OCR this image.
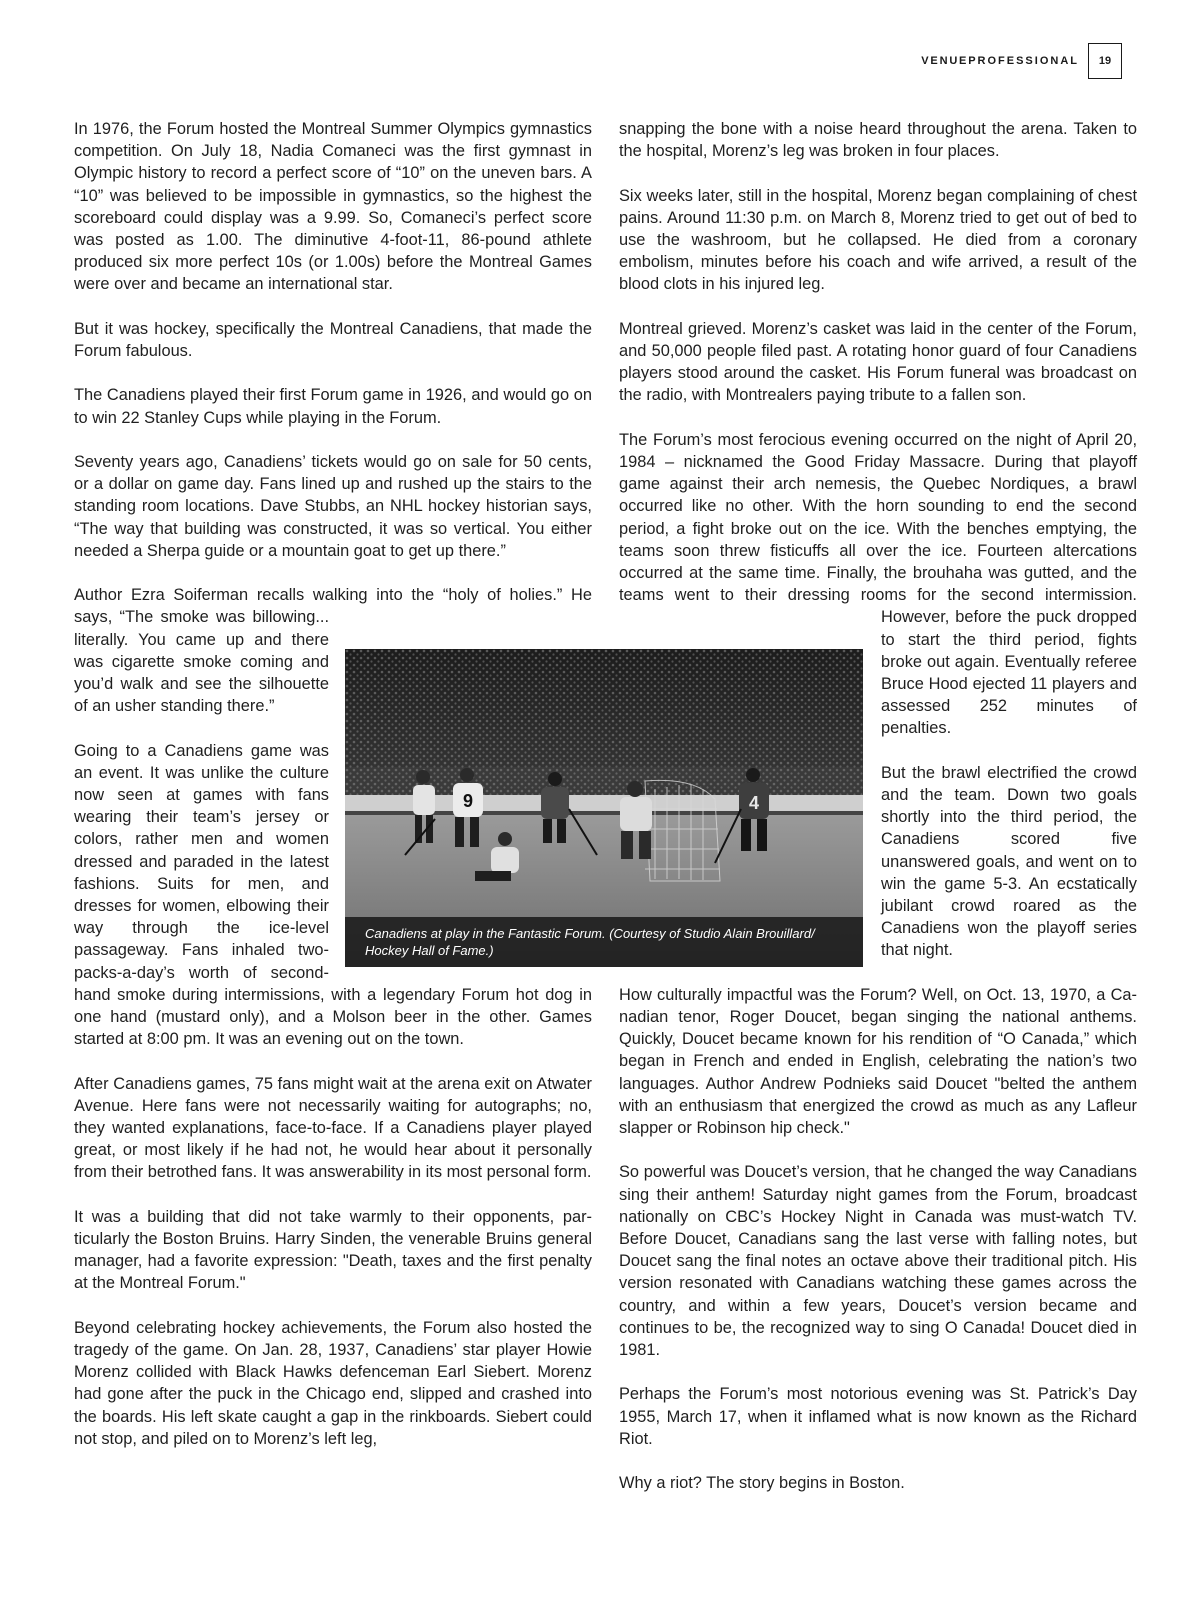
VENUEPROFESSIONAL	19

In 1976, the Forum hosted the Montreal Summer Olympics gymnastics competition. On July 18, Nadia Comaneci was the first gymnast in Olympic history to record a perfect score of “10” on the uneven bars. A “10” was believed to be impossible in gymnastics, so the highest the scoreboard could display was a 9.99. So, Comaneci’s perfect score was posted as 1.00. The diminutive 4-foot-11, 86-pound athlete produced six more perfect 10s (or 1.00s) before the Montreal Games were over and became an international star.

But it was hockey, specifically the Montreal Canadiens, that made the Forum fabulous.

The Canadiens played their first Forum game in 1926, and would go on to win 22 Stanley Cups while playing in the Forum.

Seventy years ago, Canadiens’ tickets would go on sale for 50 cents, or a dollar on game day. Fans lined up and rushed up the stairs to the standing room locations. Dave Stubbs, an NHL hockey historian says, “The way that building was constructed, it was so vertical. You either needed a Sherpa guide or a mountain goat to get up there.”

Author Ezra Soiferman recalls walking into the “holy of holies.” He says, “The smoke was billowing... literally. You came up and there was cigarette smoke coming and you’d walk and see the silhouette of an usher standing there.”

Going to a Canadiens game was an event. It was unlike the culture now seen at games with fans wearing their team’s jersey or colors, rather men and women dressed and paraded in the latest fashions. Suits for men, and dresses for women, elbowing their way through the ice-level passageway. Fans inhaled two-packs-a-day’s worth of second-hand smoke during intermissions, with a legendary Forum hot dog in one hand (mustard only), and a Molson beer in the other. Games started at 8:00 pm. It was an evening out on the town.

After Canadiens games, 75 fans might wait at the arena exit on Atwater Avenue. Here fans were not necessarily waiting for autographs; no, they wanted explanations, face-to-face. If a Canadiens player played great, or most likely if he had not, he would hear about it personally from their betrothed fans. It was answerability in its most personal form.

It was a building that did not take warmly to their opponents, particularly the Boston Bruins. Harry Sinden, the venerable Bruins general manager, had a favorite expression: "Death, taxes and the first penalty at the Montreal Forum."

Beyond celebrating hockey achievements, the Forum also hosted the tragedy of the game. On Jan. 28, 1937, Canadiens’ star player Howie Morenz collided with Black Hawks defenceman Earl Siebert. Morenz had gone after the puck in the Chicago end, slipped and crashed into the boards. His left skate caught a gap in the rinkboards. Siebert could not stop, and piled on to Morenz’s left leg,

snapping the bone with a noise heard throughout the arena. Taken to the hospital, Morenz’s leg was broken in four places.

Six weeks later, still in the hospital, Morenz began complaining of chest pains. Around 11:30 p.m. on March 8, Morenz tried to get out of bed to use the washroom, but he collapsed. He died from a coronary embolism, minutes before his coach and wife arrived, a result of the blood clots in his injured leg.

Montreal grieved. Morenz’s casket was laid in the center of the Forum, and 50,000 people filed past. A rotating honor guard of four Canadiens players stood around the casket. His Forum funeral was broadcast on the radio, with Montrealers paying tribute to a fallen son.

The Forum’s most ferocious evening occurred on the night of April 20, 1984 – nicknamed the Good Friday Massacre. During that playoff game against their arch nemesis, the Quebec Nordiques, a brawl occurred like no other. With the horn sounding to end the second period, a fight broke out on the ice. With the benches emptying, the teams soon threw fisticuffs all over the ice. Fourteen altercations occurred at the same time. Finally, the brouhaha was gutted, and the teams went to their dressing rooms for the second intermission. However, before the puck dropped to start the third period, fights broke out again. Eventually referee Bruce Hood ejected 11 players and assessed 252 minutes of penalties.

But the brawl electrified the crowd and the team. Down two goals shortly into the third period, the Canadiens scored five unanswered goals, and went on to win the game 5-3. An ecstatically jubilant crowd roared as the Canadiens won the playoff series that night.

How culturally impactful was the Forum? Well, on Oct. 13, 1970, a Canadian tenor, Roger Doucet, began singing the national anthems. Quickly, Doucet became known for his rendition of “O Canada,” which began in French and ended in English, celebrating the nation’s two languages. Author Andrew Podnieks said Doucet "belted the anthem with an enthusiasm that energized the crowd as much as any Lafleur slapper or Robinson hip check."

So powerful was Doucet’s version, that he changed the way Canadians sing their anthem! Saturday night games from the Forum, broadcast nationally on CBC’s Hockey Night in Canada was must-watch TV. Before Doucet, Canadians sang the last verse with falling notes, but Doucet sang the final notes an octave above their traditional pitch. His version resonated with Canadians watching these games across the country, and within a few years, Doucet’s version became and continues to be, the recognized way to sing O Canada! Doucet died in 1981.

Perhaps the Forum’s most notorious evening was St. Patrick’s Day 1955, March 17, when it inflamed what is now known as the Richard Riot.

Why a riot? The story begins in Boston.

9	4
Canadiens at play in the Fantastic Forum. (Courtesy of Studio Alain Brouillard/ Hockey Hall of Fame.)
